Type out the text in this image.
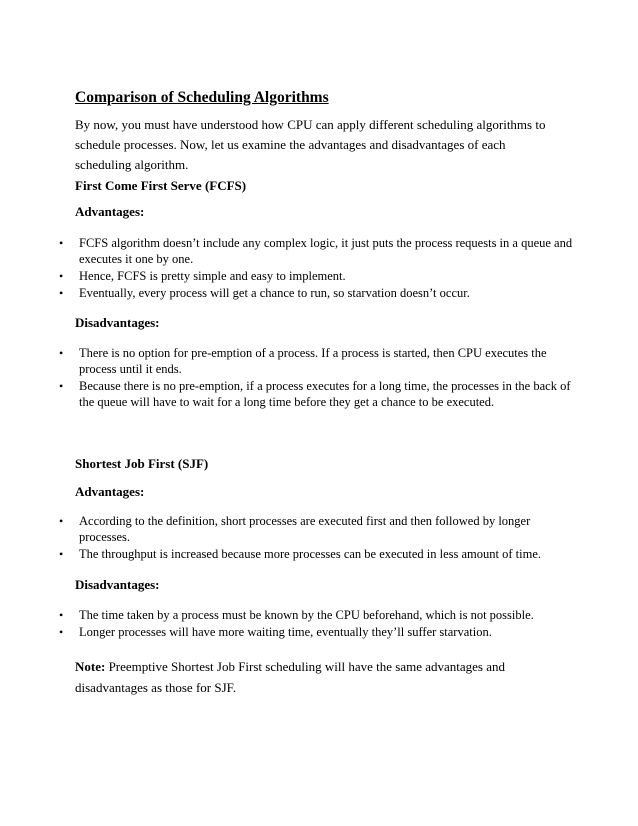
Comparison of Scheduling Algorithms
By now, you must have understood how CPU can apply different scheduling algorithms to schedule processes. Now, let us examine the advantages and disadvantages of each scheduling algorithm.
First Come First Serve (FCFS)
Advantages:
• FCFS algorithm doesn’t include any complex logic, it just puts the process requests in a queue and executes it one by one.
• Hence, FCFS is pretty simple and easy to implement.
• Eventually, every process will get a chance to run, so starvation doesn’t occur.
Disadvantages:
• There is no option for pre-emption of a process. If a process is started, then CPU executes the process until it ends.
• Because there is no pre-emption, if a process executes for a long time, the processes in the back of the queue will have to wait for a long time before they get a chance to be executed.
Shortest Job First (SJF)
Advantages:
• According to the definition, short processes are executed first and then followed by longer processes.
• The throughput is increased because more processes can be executed in less amount of time.
Disadvantages:
• The time taken by a process must be known by the CPU beforehand, which is not possible.
• Longer processes will have more waiting time, eventually they’ll suffer starvation.
Note: Preemptive Shortest Job First scheduling will have the same advantages and disadvantages as those for SJF.
